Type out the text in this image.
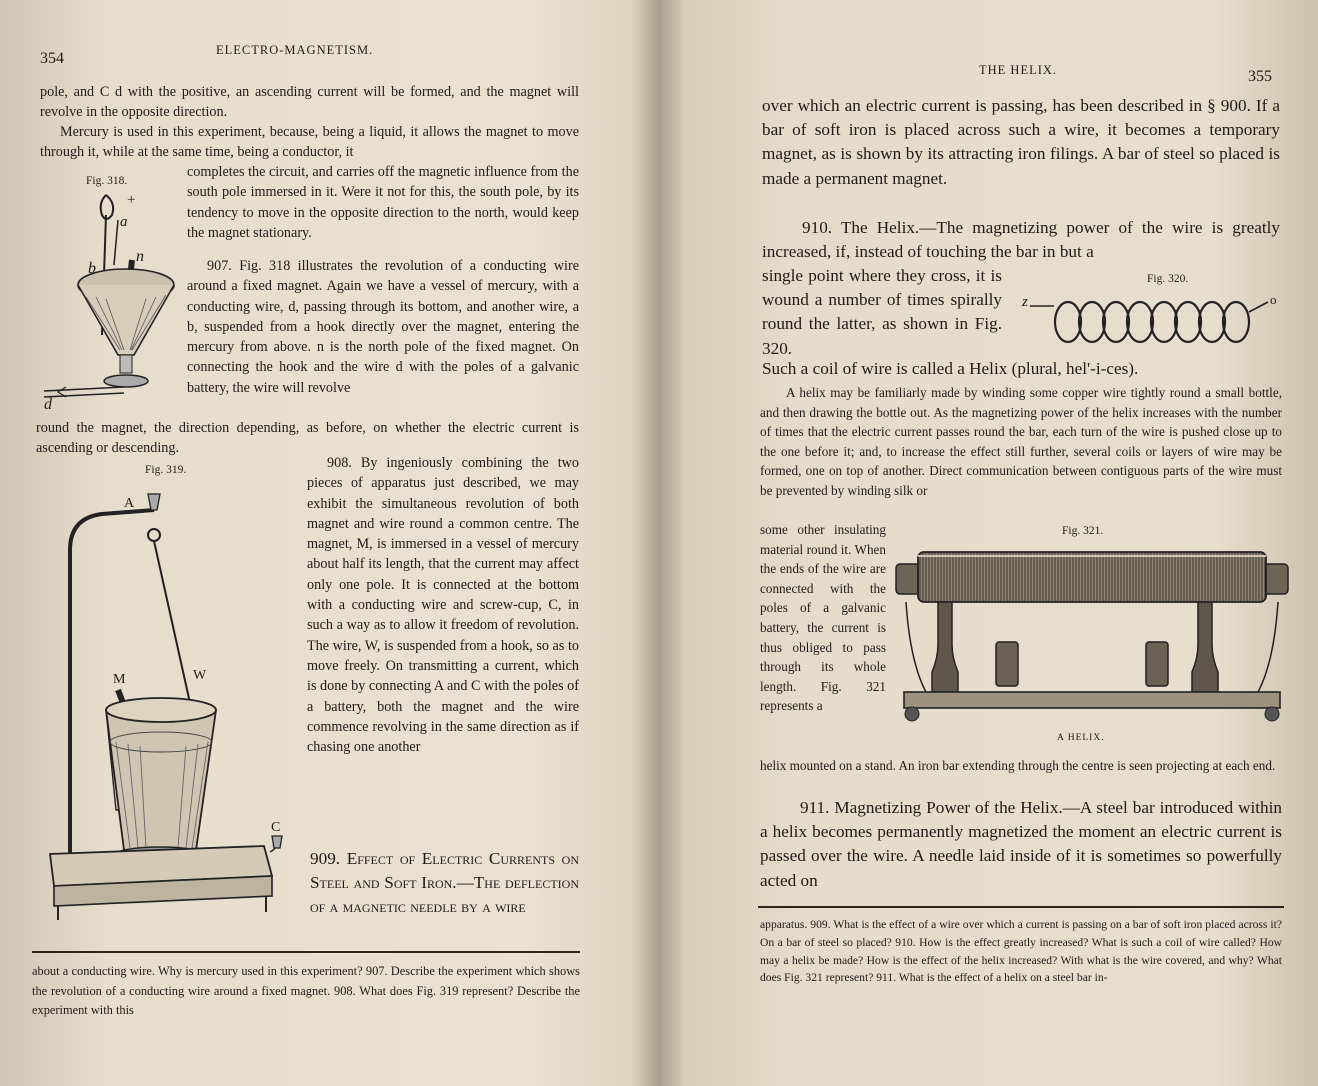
354	ELECTRO-MAGNETISM.

pole, and C d with the positive, an ascending current will be formed, and the magnet will revolve in the opposite direction.

Mercury is used in this experiment, because, being a liquid, it allows the magnet to move through it, while at the same time, being a conductor, it

completes the circuit, and carries off the magnetic influence from the south pole immersed in it. Were it not for this, the south pole, by its tendency to move in the opposite direction to the north, would keep the magnet stationary.

907. Fig. 318 illustrates the revolution of a conducting wire around a fixed magnet. Again we have a vessel of mercury, with a conducting wire, d, passing through its bottom, and another wire, a b, suspended from a hook directly over the magnet, entering the mercury from above. n is the north pole of the fixed magnet. On connecting the hook and the wire d with the poles of a galvanic battery, the wire will revolve

round the magnet, the direction depending, as before, on whether the electric current is ascending or descending.

Fig. 318.
+
a
b
n
d
Fig. 319.
A
M	W
C

908. By ingeniously combining the two pieces of apparatus just described, we may exhibit the simultaneous revolution of both magnet and wire round a common centre. The magnet, M, is immersed in a vessel of mercury about half its length, that the current may affect only one pole. It is connected at the bottom with a conducting wire and screw-cup, C, in such a way as to allow it freedom of revolution. The wire, W, is suspended from a hook, so as to move freely. On transmitting a current, which is done by connecting A and C with the poles of a battery, both the magnet and the wire commence revolving in the same direction as if chasing one another

909. Effect of Electric Currents on Steel and Soft Iron.—The deflection of a magnetic needle by a wire

about a conducting wire. Why is mercury used in this experiment? 907. Describe the experiment which shows the revolution of a conducting wire around a fixed magnet. 908. What does Fig. 319 represent? Describe the experiment with this

THE HELIX.	355

over which an electric current is passing, has been described in § 900. If a bar of soft iron is placed across such a wire, it becomes a temporary magnet, as is shown by its attracting iron filings. A bar of steel so placed is made a permanent magnet.

910. The Helix.—The magnetizing power of the wire is greatly increased, if, instead of touching the bar in but a

single point where they cross, it is wound a number of times spirally round the latter, as shown in Fig. 320.

Such a coil of wire is called a Helix (plural, hel'-i-ces).

Fig. 320.
z	o

A helix may be familiarly made by winding some copper wire tightly round a small bottle, and then drawing the bottle out. As the magnetizing power of the helix increases with the number of times that the electric current passes round the bar, each turn of the wire is pushed close up to the one before it; and, to increase the effect still further, several coils or layers of wire may be formed, one on top of another. Direct communication between contiguous parts of the wire must be prevented by winding silk or

some other insulating material round it. When the ends of the wire are connected with the poles of a galvanic battery, the current is thus obliged to pass through its whole length. Fig. 321 represents a

helix mounted on a stand. An iron bar extending through the centre is seen projecting at each end.

Fig. 321.
A HELIX.

911. Magnetizing Power of the Helix.—A steel bar introduced within a helix becomes permanently magnetized the moment an electric current is passed over the wire. A needle laid inside of it is sometimes so powerfully acted on

apparatus. 909. What is the effect of a wire over which a current is passing on a bar of soft iron placed across it? On a bar of steel so placed? 910. How is the effect greatly increased? What is such a coil of wire called? How may a helix be made? How is the effect of the helix increased? With what is the wire covered, and why? What does Fig. 321 represent? 911. What is the effect of a helix on a steel bar in-
